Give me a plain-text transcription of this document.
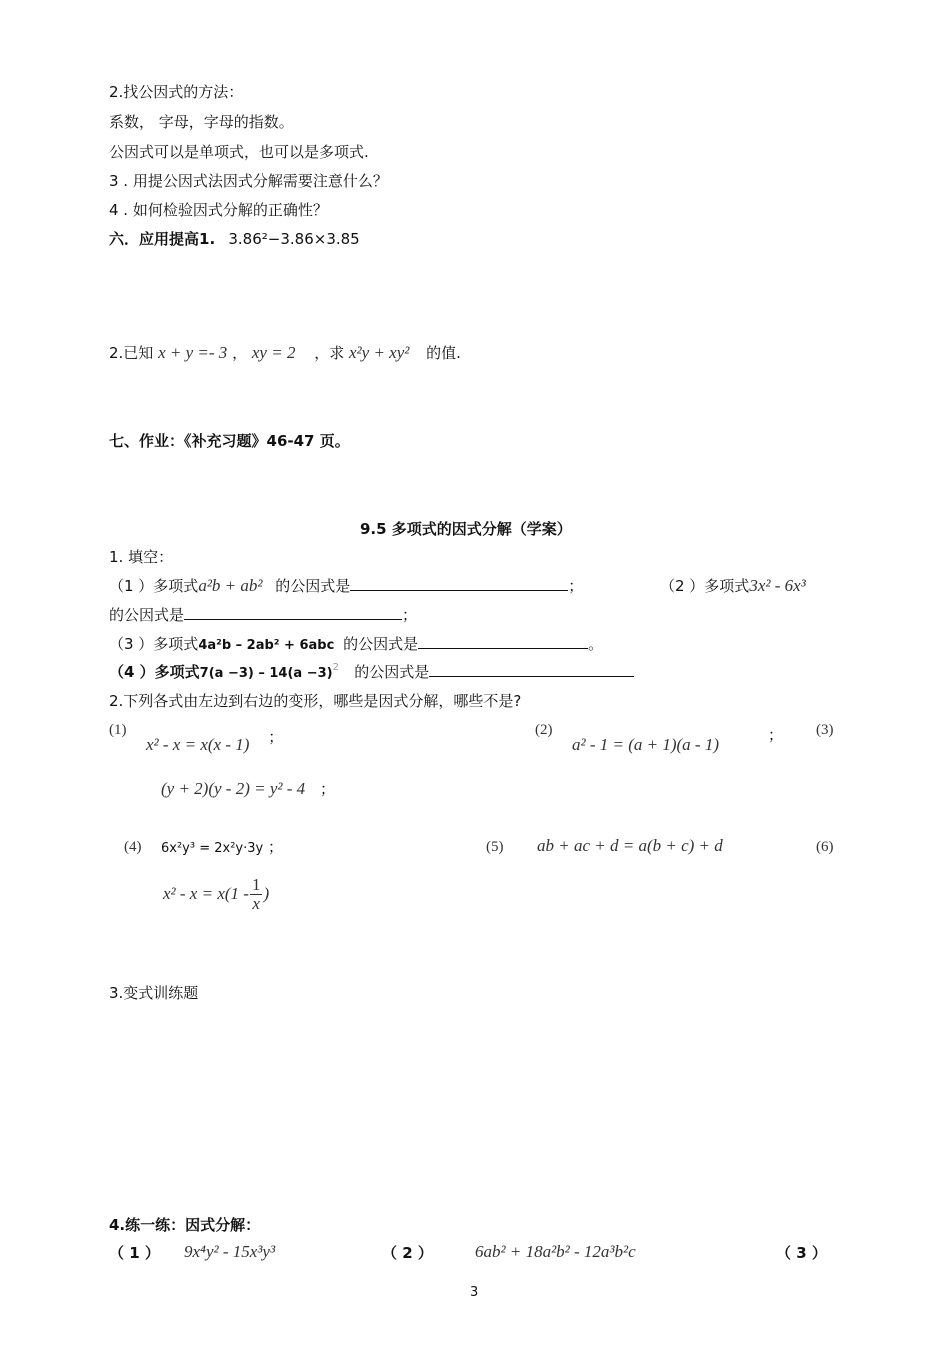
2.找公因式的方法：
系数， 字母，字母的指数。
公因式可以是单项式，也可以是多项式.
3 . 用提公因式法因式分解需要注意什么？
4 . 如何检验因式分解的正确性？
六．应用提高1. 3.86²−3.86×3.85
2.已知 x + y =- 3 ， xy = 2 ，求 x²y + xy² 的值.
七、作业：《补充习题》46-47 页。
9.5 多项式的因式分解（学案）
1. 填空：
（1 ）多项式a²b + ab² 的公因式是	；	（2 ）多项式3x² - 6x³
的公因式是	；
（3 ）多项式4a²b – 2ab² + 6abc 的公因式是	。
（4 ）多项式$7(a -3) - 14(a -3)^2$ 的公因式是
2.下列各式由左边到右边的变形，哪些是因式分解，哪些不是?
(1)
x² - x = x(x - 1) ；	(2)
a² - 1 = (a + 1)(a - 1)	； (3)
(y + 2)(y - 2) = y² - 4 ；
(4) 6x²y³ = 2x²y·3y ；	(5) ab + ac + d = a(b + c) + d	(6)
$x^2 - x = x(1 - \frac{1}{x}$ )
3.变式训练题
4.练一练：因式分解：
（ 1 ） 9x⁴y² - 15x³y³	（ 2 ） 6ab² + 18a²b² - 12a³b²c	（ 3 ）
3
